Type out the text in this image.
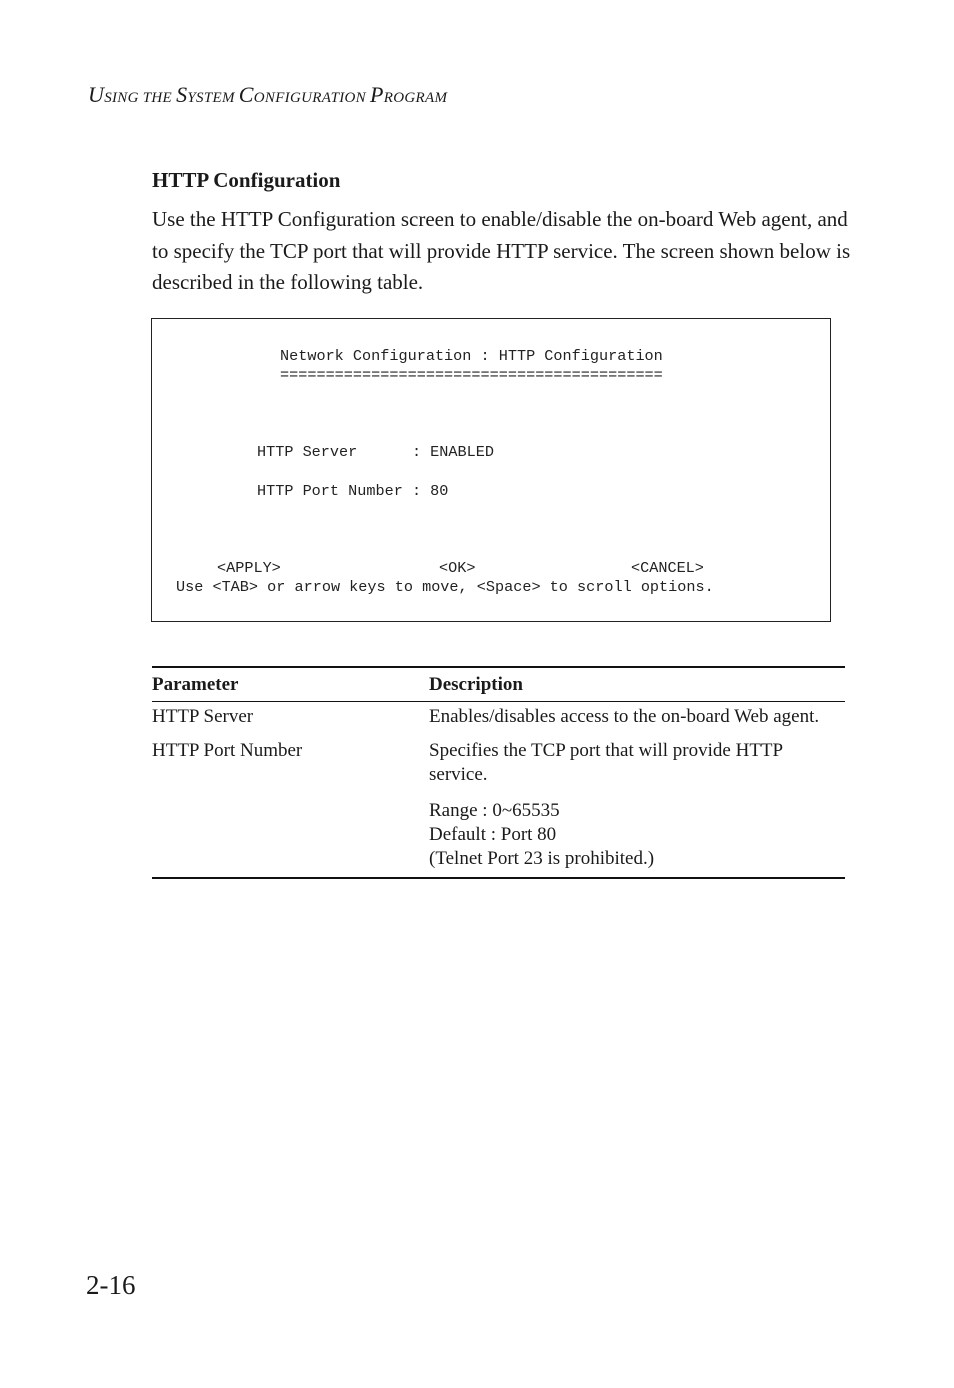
USING THE SYSTEM CONFIGURATION PROGRAM
HTTP Configuration

Use the HTTP Configuration screen to enable/disable the on-board Web agent, and to specify the TCP port that will provide HTTP service. The screen shown below is described in the following table.

Network Configuration : HTTP Configuration
==========================================
HTTP Server      : ENABLED
HTTP Port Number : 80
<APPLY>	<OK>	<CANCEL>
Use <TAB> or arrow keys to move, <Space> to scroll options.
Parameter	Description
HTTP Server	Enables/disables access to the on-board Web agent.
HTTP Port Number	Specifies the TCP port that will provide HTTP service.
Range : 0~65535
Default : Port 80
(Telnet Port 23 is prohibited.)
2-16
